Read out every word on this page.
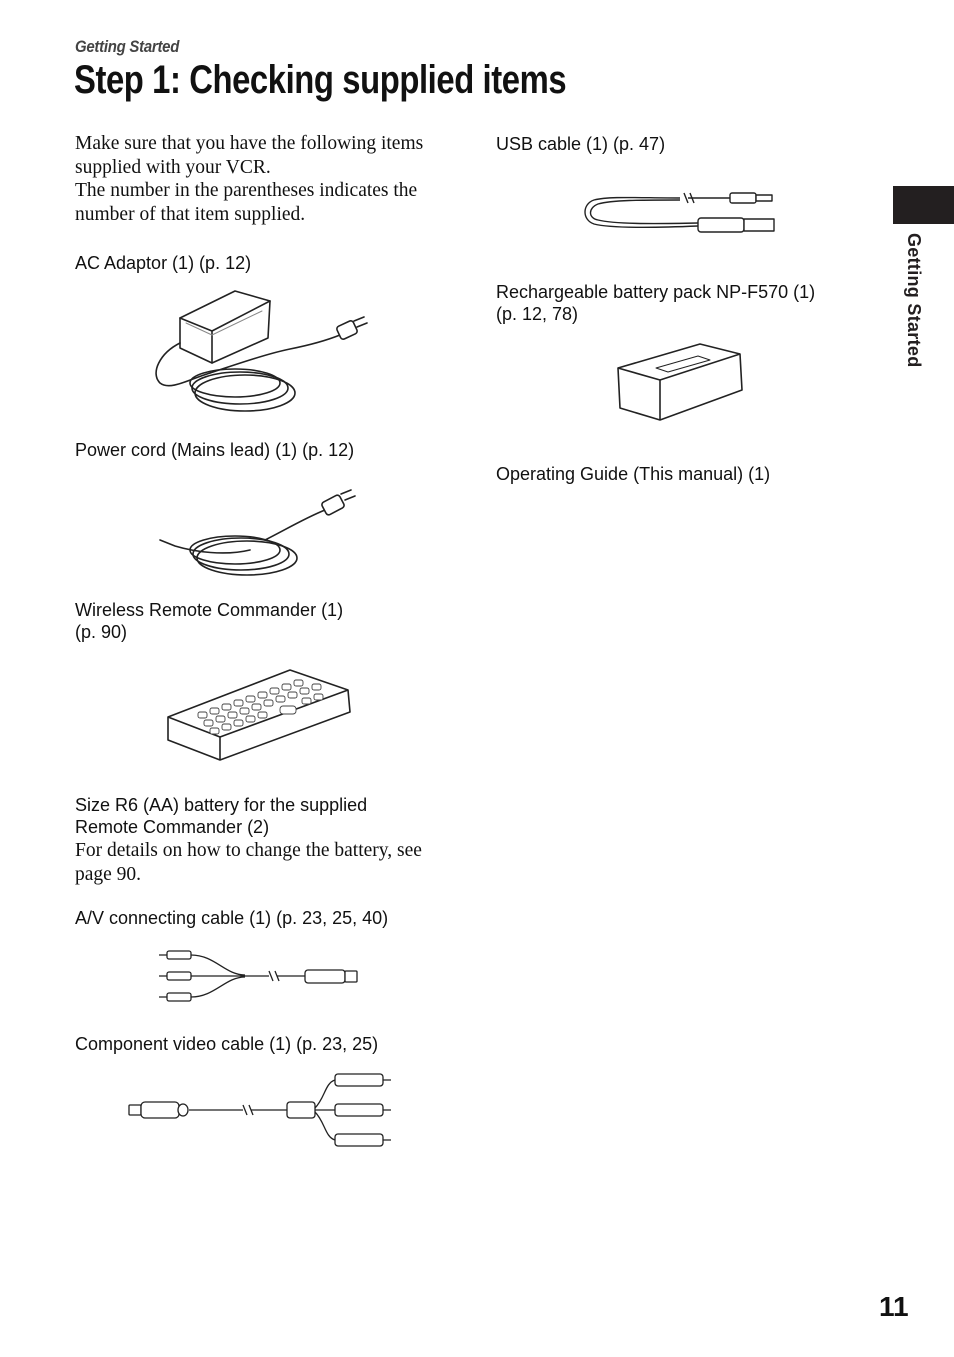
Getting Started
Step 1: Checking supplied items

Make sure that you have the following items supplied with your VCR.

The number in the parentheses indicates the number of that item supplied.

AC Adaptor (1) (p. 12)
Power cord (Mains lead) (1) (p. 12)
Wireless Remote Commander (1)
(p. 90)
Size R6 (AA) battery for the supplied
Remote Commander (2)
For details on how to change the battery, see page 90.
A/V connecting cable (1) (p. 23, 25, 40)
Component video cable (1) (p. 23, 25)
USB cable (1) (p. 47)
Rechargeable battery pack NP-F570 (1)
(p. 12, 78)
Operating Guide (This manual) (1)
Getting Started
11
